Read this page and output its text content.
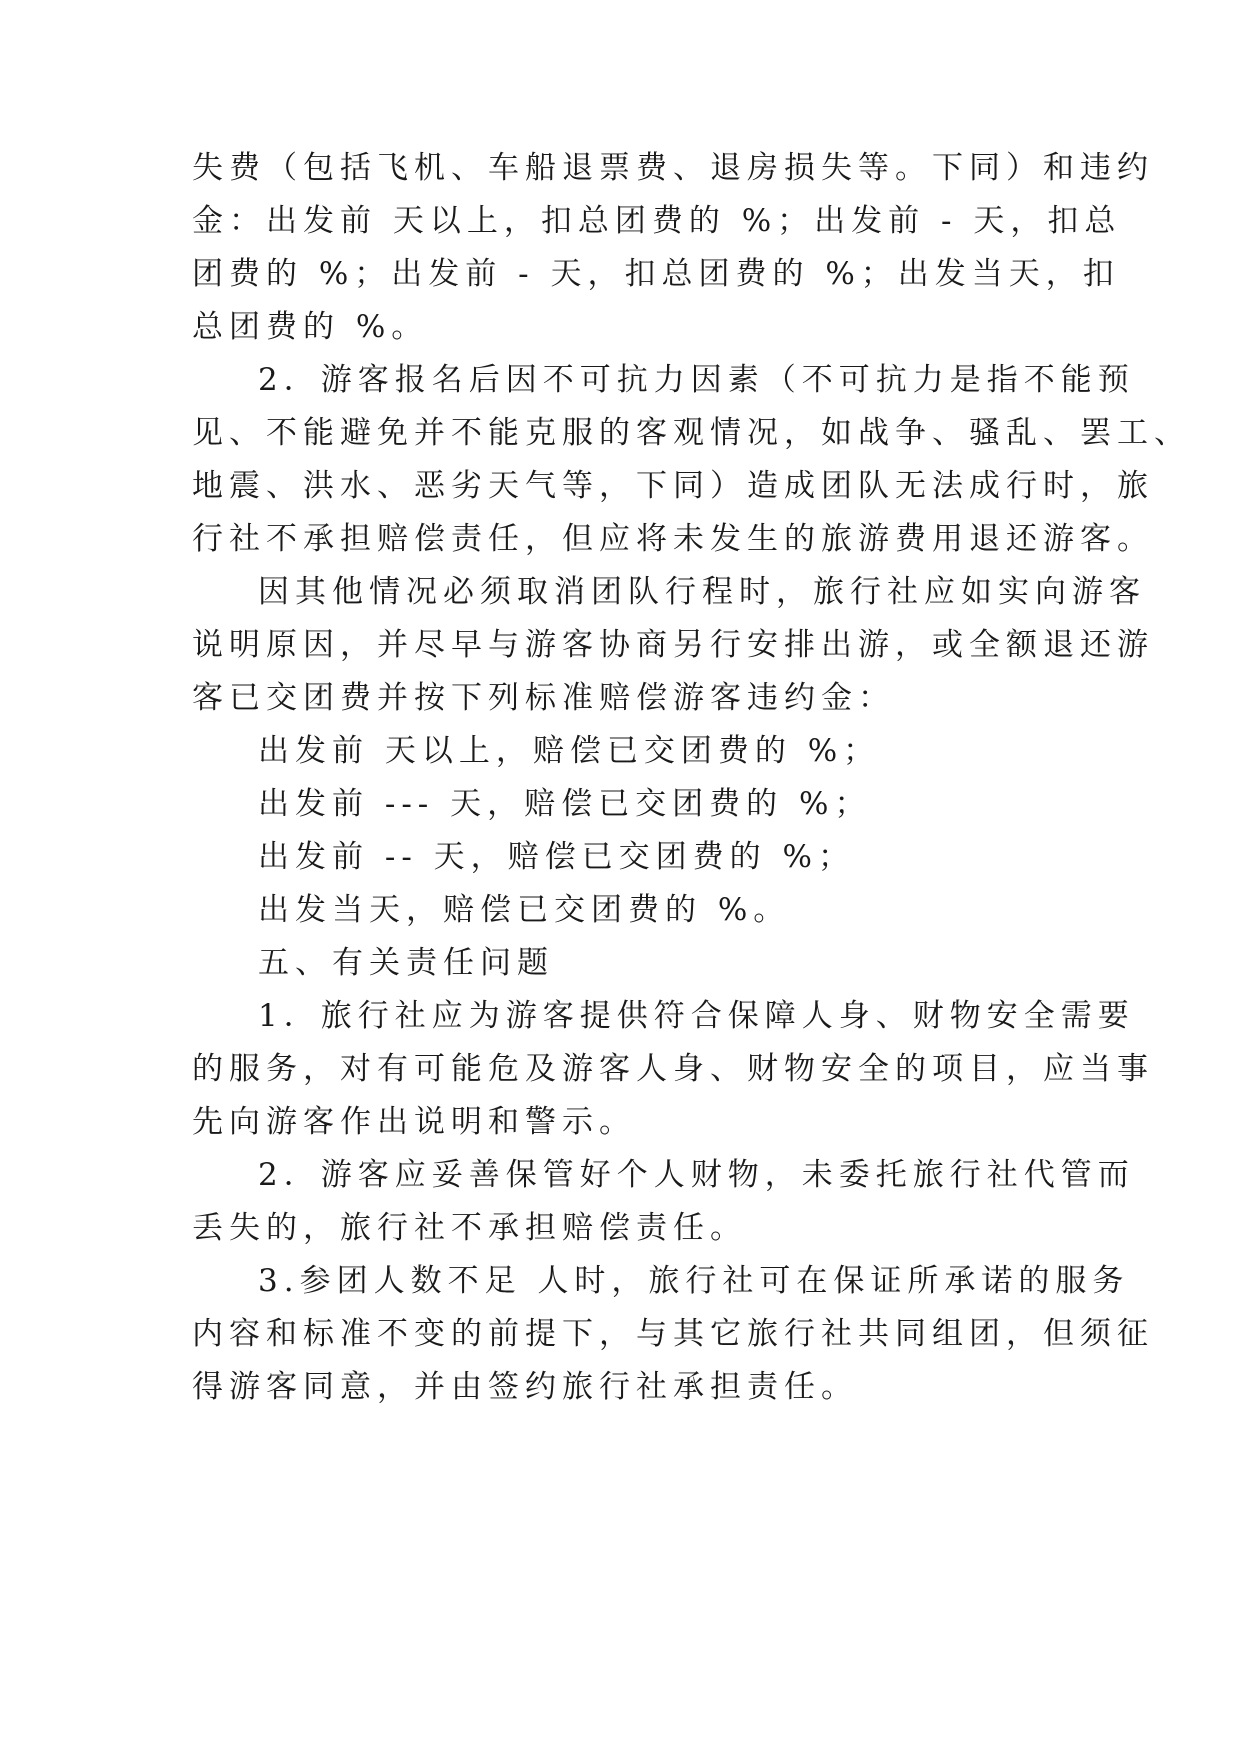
失费（包括飞机、车船退票费、退房损失等。下同）和违约

金：出发前 天以上，扣总团费的 %；出发前 - 天，扣总

团费的 %；出发前 - 天，扣总团费的 %；出发当天，扣

总团费的 %。

2．游客报名后因不可抗力因素（不可抗力是指不能预

见、不能避免并不能克服的客观情况，如战争、骚乱、罢工、

地震、洪水、恶劣天气等，下同）造成团队无法成行时，旅

行社不承担赔偿责任，但应将未发生的旅游费用退还游客。

因其他情况必须取消团队行程时，旅行社应如实向游客

说明原因，并尽早与游客协商另行安排出游，或全额退还游

客已交团费并按下列标准赔偿游客违约金：

出发前 天以上，赔偿已交团费的 %；

出发前 --- 天，赔偿已交团费的 %；

出发前 -- 天，赔偿已交团费的 %；

出发当天，赔偿已交团费的 %。

五、有关责任问题

1．旅行社应为游客提供符合保障人身、财物安全需要

的服务，对有可能危及游客人身、财物安全的项目，应当事

先向游客作出说明和警示。

2．游客应妥善保管好个人财物，未委托旅行社代管而

丢失的，旅行社不承担赔偿责任。

3.参团人数不足 人时，旅行社可在保证所承诺的服务

内容和标准不变的前提下，与其它旅行社共同组团，但须征

得游客同意，并由签约旅行社承担责任。
